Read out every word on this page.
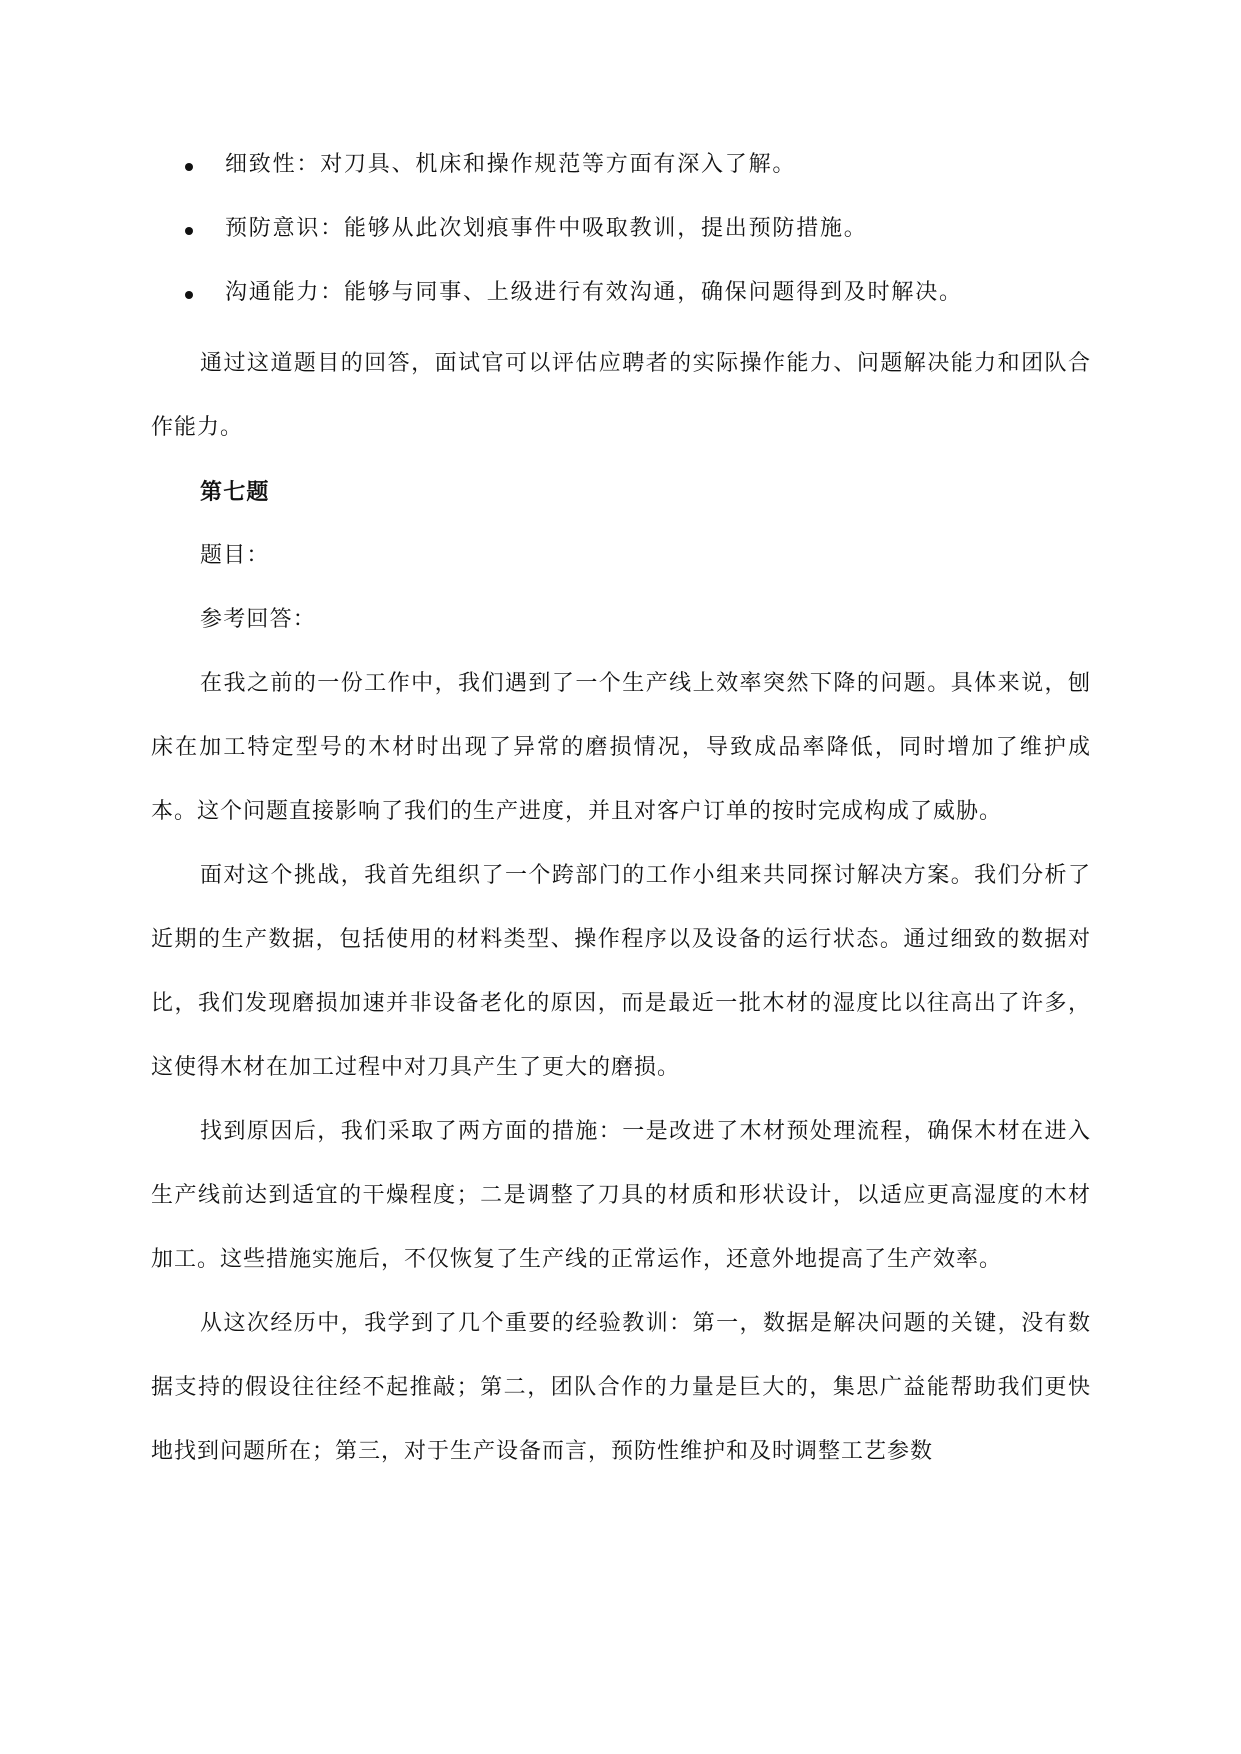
细致性：对刀具、机床和操作规范等方面有深入了解。
预防意识：能够从此次划痕事件中吸取教训，提出预防措施。
沟通能力：能够与同事、上级进行有效沟通，确保问题得到及时解决。

通过这道题目的回答，面试官可以评估应聘者的实际操作能力、问题解决能力和团队合作能力。

第七题

题目：

参考回答：

在我之前的一份工作中，我们遇到了一个生产线上效率突然下降的问题。具体来说，刨床在加工特定型号的木材时出现了异常的磨损情况，导致成品率降低，同时增加了维护成本。这个问题直接影响了我们的生产进度，并且对客户订单的按时完成构成了威胁。

面对这个挑战，我首先组织了一个跨部门的工作小组来共同探讨解决方案。我们分析了近期的生产数据，包括使用的材料类型、操作程序以及设备的运行状态。通过细致的数据对比，我们发现磨损加速并非设备老化的原因，而是最近一批木材的湿度比以往高出了许多，这使得木材在加工过程中对刀具产生了更大的磨损。

找到原因后，我们采取了两方面的措施：一是改进了木材预处理流程，确保木材在进入生产线前达到适宜的干燥程度；二是调整了刀具的材质和形状设计，以适应更高湿度的木材加工。这些措施实施后，不仅恢复了生产线的正常运作，还意外地提高了生产效率。

从这次经历中，我学到了几个重要的经验教训：第一，数据是解决问题的关键，没有数据支持的假设往往经不起推敲；第二，团队合作的力量是巨大的，集思广益能帮助我们更快地找到问题所在；第三，对于生产设备而言，预防性维护和及时调整工艺参数
